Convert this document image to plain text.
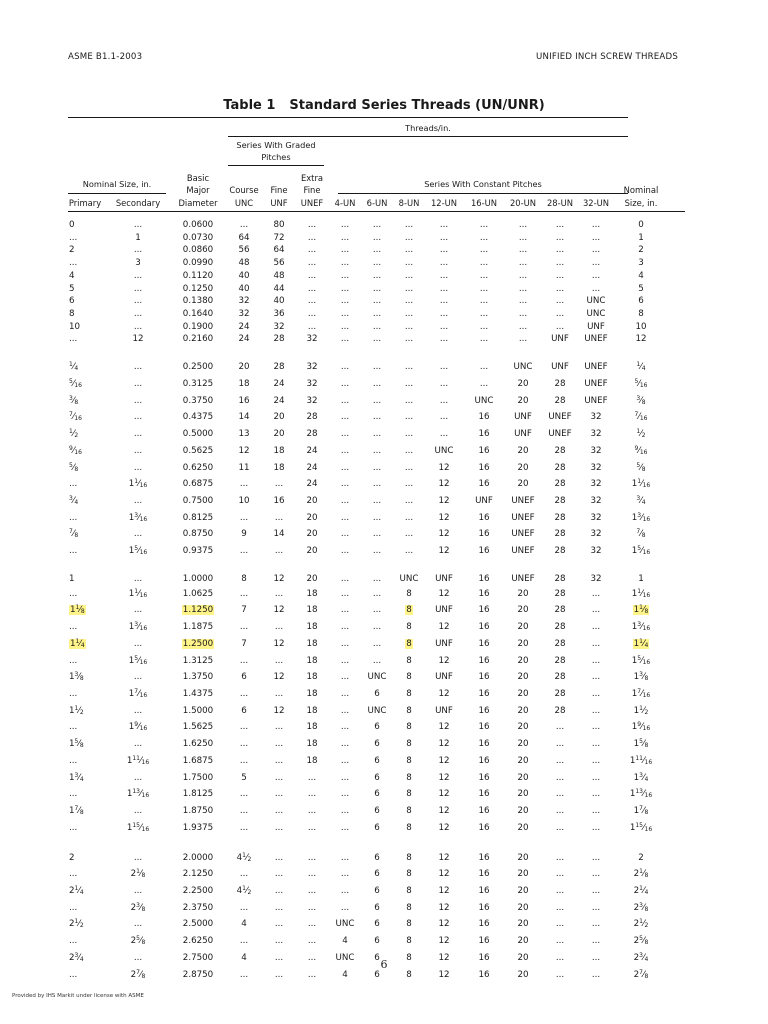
ASME B1.1-2003	UNIFIED INCH SCREW THREADS
Table 1 Standard Series Threads (UN/UNR)
Threads/in.
Series With Graded
Pitches
Series With Constant Pitches
Nominal Size, in.
Primary	Secondary
Basic
Major
Diameter
Course
UNC
Fine
UNF
Extra
Fine
UNEF	4-UN	6-UN	8-UN	12-UN	16-UN	20-UN	28-UN	32-UN
Nominal
Size, in.
0	...	0.0600	...	80	...	...	...	...	...	...	...	...	...	0
...	1	0.0730	64	72	...	...	...	...	...	...	...	...	...	1
2	...	0.0860	56	64	...	...	...	...	...	...	...	...	...	2
...	3	0.0990	48	56	...	...	...	...	...	...	...	...	...	3
4	...	0.1120	40	48	...	...	...	...	...	...	...	...	...	4
5	...	0.1250	40	44	...	...	...	...	...	...	...	...	...	5
6	...	0.1380	32	40	...	...	...	...	...	...	...	...	UNC	6
8	...	0.1640	32	36	...	...	...	...	...	...	...	...	UNC	8
10	...	0.1900	24	32	...	...	...	...	...	...	...	...	UNF	10
...	12	0.2160	24	28	32	...	...	...	...	...	...	UNF	UNEF	12

$^1⁄_4$	...	0.2500	20	28	32	...	...	...	...	...	UNC	UNF	UNEF	$^1⁄_4$
$^5⁄_{16}$	...	0.3125	18	24	32	...	...	...	...	...	20	28	UNEF	$^5⁄_{16}$
$^3⁄_8$	...	0.3750	16	24	32	...	...	...	...	UNC	20	28	UNEF	$^3⁄_8$
$^7⁄_{16}$	...	0.4375	14	20	28	...	...	...	...	16	UNF	UNEF	32	$^7⁄_{16}$
$^1⁄_2$	...	0.5000	13	20	28	...	...	...	...	16	UNF	UNEF	32	$^1⁄_2$
$^9⁄_{16}$	...	0.5625	12	18	24	...	...	...	UNC	16	20	28	32	$^9⁄_{16}$
$^5⁄_8$	...	0.6250	11	18	24	...	...	...	12	16	20	28	32	$^5⁄_8$
...	$1^1⁄_{16}$	0.6875	...	...	24	...	...	...	12	16	20	28	32	$1^1⁄_{16}$
$^3⁄_4$	...	0.7500	10	16	20	...	...	...	12	UNF	UNEF	28	32	$^3⁄_4$
...	$1^3⁄_{16}$	0.8125	...	...	20	...	...	...	12	16	UNEF	28	32	$1^3⁄_{16}$
$^7⁄_8$	...	0.8750	9	14	20	...	...	...	12	16	UNEF	28	32	$^7⁄_8$
...	$1^5⁄_{16}$	0.9375	...	...	20	...	...	...	12	16	UNEF	28	32	$1^5⁄_{16}$

1	...	1.0000	8	12	20	...	...	UNC	UNF	16	UNEF	28	32	1
...	$1^1⁄_{16}$	1.0625	...	...	18	...	...	8	12	16	20	28	...	$1^1⁄_{16}$
$1^1⁄_8$	...	1.1250	7	12	18	...	...	8	UNF	16	20	28	...	$1^1⁄_8$
...	$1^3⁄_{16}$	1.1875	...	...	18	...	...	8	12	16	20	28	...	$1^3⁄_{16}$
$1^1⁄_4$	...	1.2500	7	12	18	...	...	8	UNF	16	20	28	...	$1^1⁄_4$
...	$1^5⁄_{16}$	1.3125	...	...	18	...	...	8	12	16	20	28	...	$1^5⁄_{16}$
$1^3⁄_8$	...	1.3750	6	12	18	...	UNC	8	UNF	16	20	28	...	$1^3⁄_8$
...	$1^7⁄_{16}$	1.4375	...	...	18	...	6	8	12	16	20	28	...	$1^7⁄_{16}$
$1^1⁄_2$	...	1.5000	6	12	18	...	UNC	8	UNF	16	20	28	...	$1^1⁄_2$
...	$1^9⁄_{16}$	1.5625	...	...	18	...	6	8	12	16	20	...	...	$1^9⁄_{16}$
$1^5⁄_8$	...	1.6250	...	...	18	...	6	8	12	16	20	...	...	$1^5⁄_8$
...	$1^{11}⁄_{16}$	1.6875	...	...	18	...	6	8	12	16	20	...	...	$1^{11}⁄_{16}$
$1^3⁄_4$	...	1.7500	5	...	...	...	6	8	12	16	20	...	...	$1^3⁄_4$
...	$1^{13}⁄_{16}$	1.8125	...	...	...	...	6	8	12	16	20	...	...	$1^{13}⁄_{16}$
$1^7⁄_8$	...	1.8750	...	...	...	...	6	8	12	16	20	...	...	$1^7⁄_8$
...	$1^{15}⁄_{16}$	1.9375	...	...	...	...	6	8	12	16	20	...	...	$1^{15}⁄_{16}$

2	...	2.0000	$4^1⁄_2$	...	...	...	6	8	12	16	20	...	...	2
...	$2^1⁄_8$	2.1250	...	...	...	...	6	8	12	16	20	...	...	$2^1⁄_8$
$2^1⁄_4$	...	2.2500	$4^1⁄_2$	...	...	...	6	8	12	16	20	...	...	$2^1⁄_4$
...	$2^3⁄_8$	2.3750	...	...	...	...	6	8	12	16	20	...	...	$2^3⁄_8$
$2^1⁄_2$	...	2.5000	4	...	...	UNC	6	8	12	16	20	...	...	$2^1⁄_2$
...	$2^5⁄_8$	2.6250	...	...	...	4	6	8	12	16	20	...	...	$2^5⁄_8$
$2^3⁄_4$	...	2.7500	4	...	...	UNC	6	8	12	16	20	...	...	$2^3⁄_4$
...	$2^7⁄_8$	2.8750	...	...	...	4	6	8	12	16	20	...	...	$2^7⁄_8$
6
Provided by IHS Markit under license with ASME
